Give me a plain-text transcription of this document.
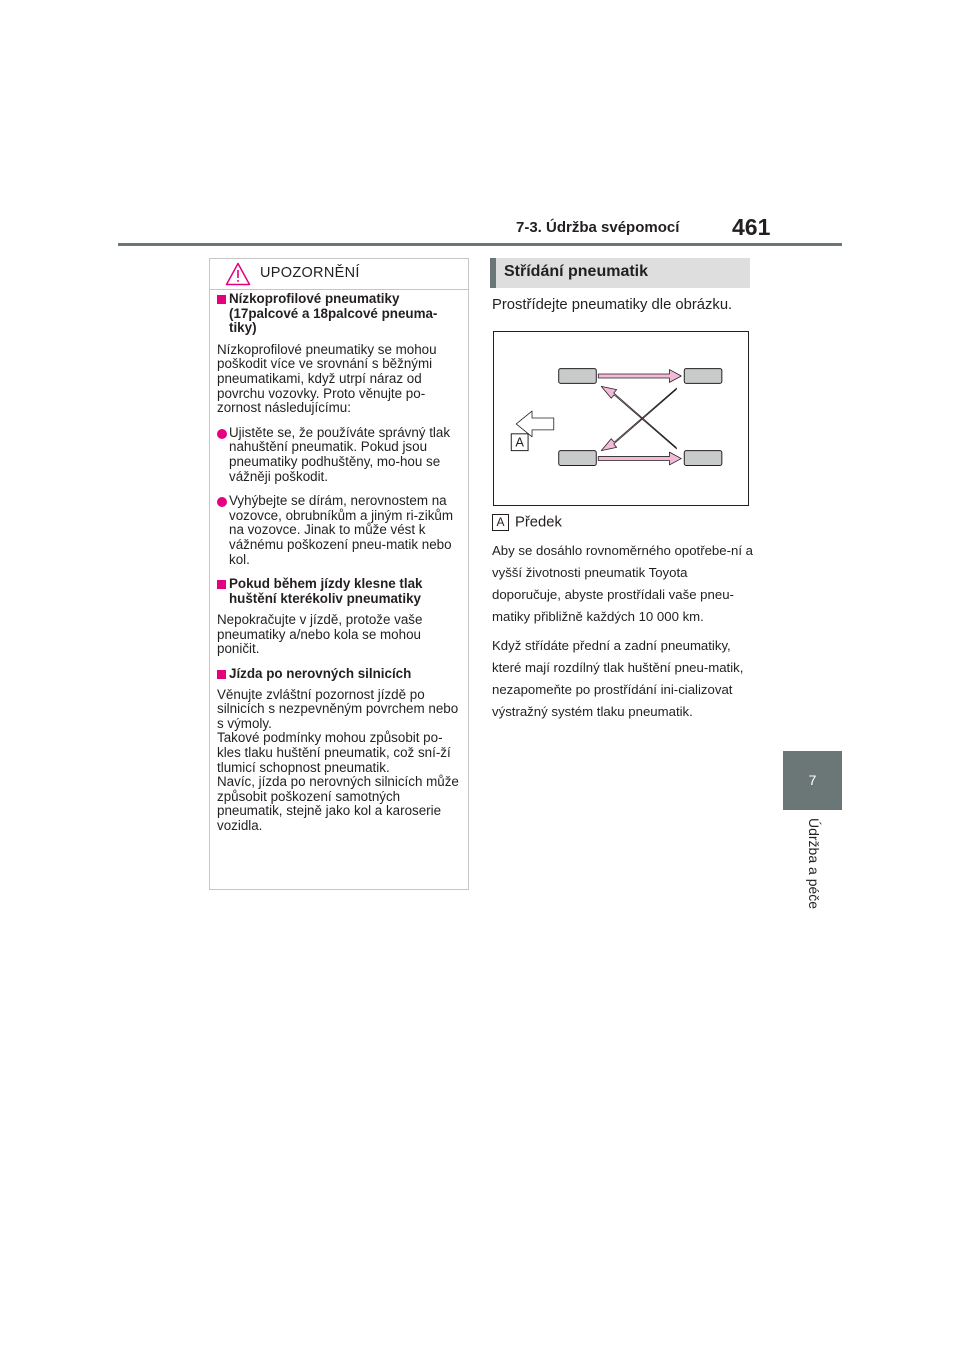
7-3. Údržba svépomocí 461
7
Údržba a péče
UPOZORNĚNÍ
Nízkoprofilové pneumatiky (17palcové a 18palcové pneuma-tiky)
Nízkoprofilové pneumatiky se mohou poškodit více ve srovnání s běžnými pneumatikami, když utrpí náraz od povrchu vozovky. Proto věnujte po-zornost následujícímu:
Ujistěte se, že používáte správný tlak nahuštění pneumatik. Pokud jsou pneumatiky podhuštěny, mo-hou se vážněji poškodit.
Vyhýbejte se dírám, nerovnostem na vozovce, obrubníkům a jiným ri-zikům na vozovce. Jinak to může vést k vážnému poškození pneu-matik nebo kol.
Pokud během jízdy klesne tlak huštění kterékoliv pneumatiky
Nepokračujte v jízdě, protože vaše pneumatiky a/nebo kola se mohou poničit.
Jízda po nerovných silnicích
Věnujte zvláštní pozornost jízdě po silnicích s nezpevněným povrchem nebo s výmoly.
Takové podmínky mohou způsobit po-kles tlaku huštění pneumatik, což sní-ží tlumicí schopnost pneumatik.
Navíc, jízda po nerovných silnicích může způsobit poškození samotných pneumatik, stejně jako kol a karoserie vozidla.
Střídání pneumatik
Prostřídejte pneumatiky dle obrázku.
A
A Předek

Aby se dosáhlo rovnoměrného opotřebe-ní a vyšší životnosti pneumatik Toyota doporučuje, abyste prostřídali vaše pneu-matiky přibližně každých 10 000 km.

Když střídáte přední a zadní pneumatiky, které mají rozdílný tlak huštění pneu-matik, nezapomeňte po prostřídání ini-cializovat výstražný systém tlaku pneumatik.
